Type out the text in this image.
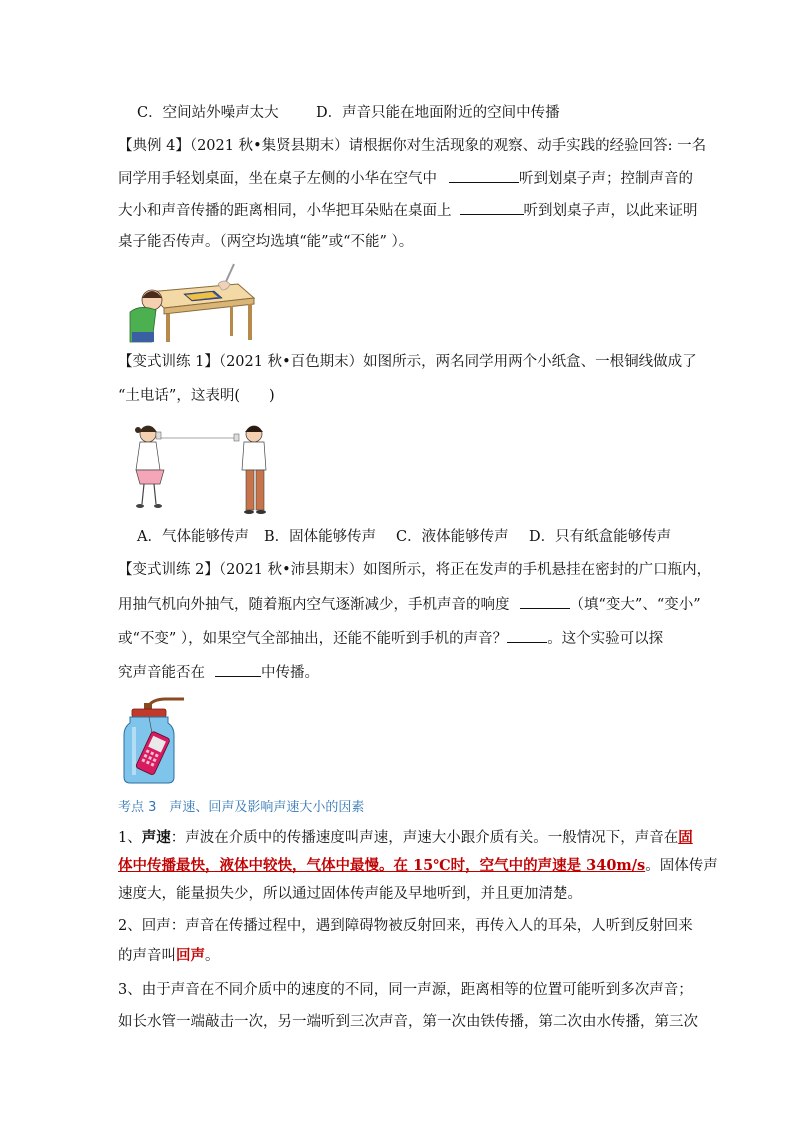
C．空间站外噪声太大	D．声音只能在地面附近的空间中传播
【典例 4】（2021 秋•集贤县期末）请根据你对生活现象的观察、动手实践的经验回答: 一名
同学用手轻划桌面，坐在桌子左侧的小华在空气中	听到划桌子声；控制声音的
大小和声音传播的距离相同，小华把耳朵贴在桌面上	听到划桌子声，以此来证明
桌子能否传声。（两空均选填“能”或“不能” ）。
【变式训练 1】（2021 秋•百色期末）如图所示，两名同学用两个小纸盒、一根铜线做成了
“土电话”，这表明(　　)
A．气体能够传声 B．固体能够传声 C．液体能够传声 D．只有纸盒能够传声
【变式训练 2】（2021 秋•沛县期末）如图所示，将正在发声的手机悬挂在密封的广口瓶内，
用抽气机向外抽气，随着瓶内空气逐渐减少，手机声音的响度	（填“变大”、“变小”
或“不变” ），如果空气全部抽出，还能不能听到手机的声音？	。这个实验可以探
究声音能否在	中传播。
考点 3　声速、回声及影响声速大小的因素
1、声速：声波在介质中的传播速度叫声速，声速大小跟介质有关。一般情况下，声音在固
体中传播最快，液体中较快，气体中最慢。在 15℃时，空气中的声速是 340m/s。固体传声
速度大，能量损失少，所以通过固体传声能及早地听到，并且更加清楚。
2、回声：声音在传播过程中，遇到障碍物被反射回来，再传入人的耳朵，人听到反射回来
的声音叫回声。
3、由于声音在不同介质中的速度的不同，同一声源，距离相等的位置可能听到多次声音；
如长水管一端敲击一次，另一端听到三次声音，第一次由铁传播，第二次由水传播，第三次
